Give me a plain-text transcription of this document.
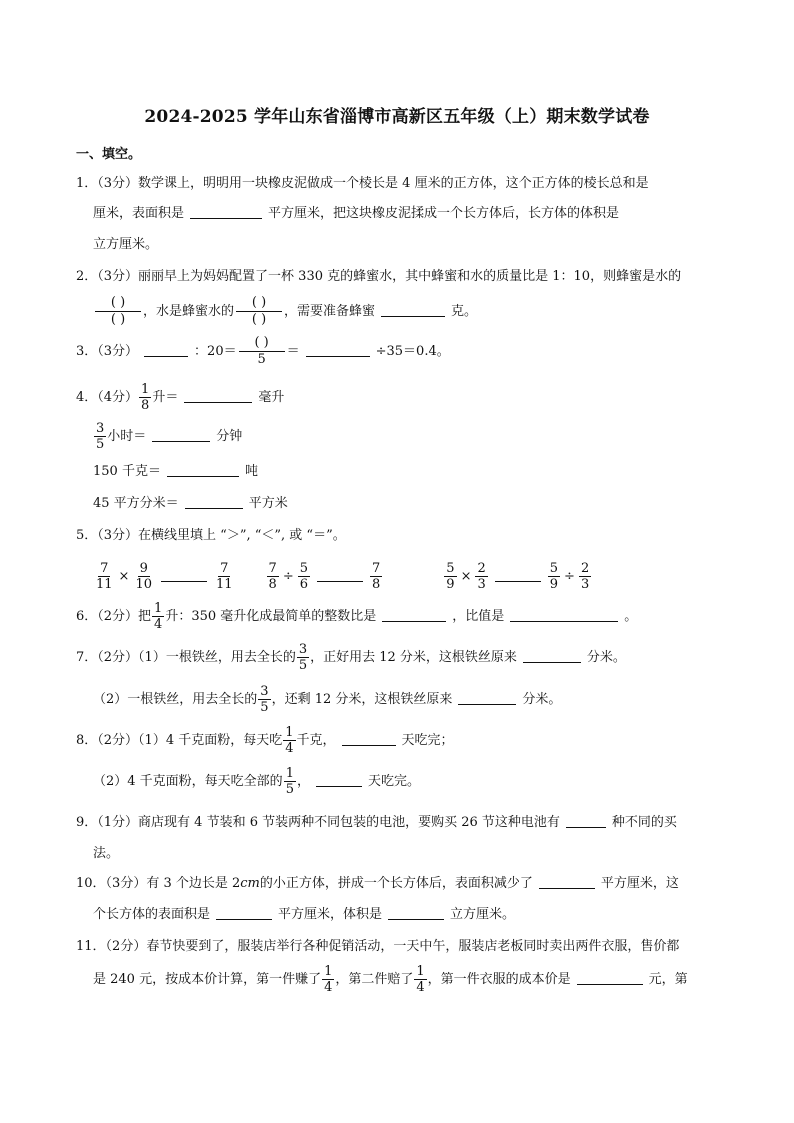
2024-2025 学年山东省淄博市高新区五年级（上）期末数学试卷
一、填空。
1．（3分）数学课上，明明用一块橡皮泥做成一个棱长是 4 厘米的正方体，这个正方体的棱长总和是
厘米，表面积是	平方厘米，把这块橡皮泥揉成一个长方体后，长方体的体积是
立方厘米。
2．（3分）丽丽早上为妈妈配置了一杯 330 克的蜂蜜水，其中蜂蜜和水的质量比是 1：10，则蜂蜜是水的
( )
( )
，水是蜂蜜水的
( )
( )
，需要准备蜂蜜	克。
3．（3分）	：20＝
( )
5
＝	÷35＝0.4。
4．（4分） $\frac{1}{8}$ 升＝	毫升
$\frac{3}{5}$ 小时＝	分钟
150 千克＝	吨
45 平方分米＝	平方米
5．（3分）在横线里填上 “＞”, “＜”, 或 “＝”。
$\frac{7}{11} \times \frac{9}{10}$	$\frac{7}{11} \frac{7}{8} \div \frac{5}{6}$	$\frac{7}{8}$	$\frac{5}{9} \times \frac{2}{3}$	$\frac{5}{9} \div \frac{2}{3}$
6．（2分）把 $\frac{1}{4}$ 升：350 毫升化成最简单的整数比是	，比值是	。
7．（2分）（1）一根铁丝，用去全长的 $\frac{3}{5}$ ，正好用去 12 分米，这根铁丝原来	分米。
（2）一根铁丝，用去全长的 $\frac{3}{5}$ ，还剩 12 分米，这根铁丝原来	分米。
8．（2分）（1）4 千克面粉，每天吃 $\frac{1}{4}$ 千克，	天吃完；
（2）4 千克面粉，每天吃全部的 $\frac{1}{5}$ ，	天吃完。
9．（1分）商店现有 4 节装和 6 节装两种不同包装的电池，要购买 26 节这种电池有	种不同的买
法。
10．（3分）有 3 个边长是 2cm的小正方体，拼成一个长方体后，表面积减少了	平方厘米，这
个长方体的表面积是	平方厘米，体积是	立方厘米。
11．（2分）春节快要到了，服装店举行各种促销活动，一天中午，服装店老板同时卖出两件衣服，售价都
是 240 元，按成本价计算，第一件赚了 $\frac{1}{4}$ ，第二件赔了 $\frac{1}{4}$ ，第一件衣服的成本价是	元，第
